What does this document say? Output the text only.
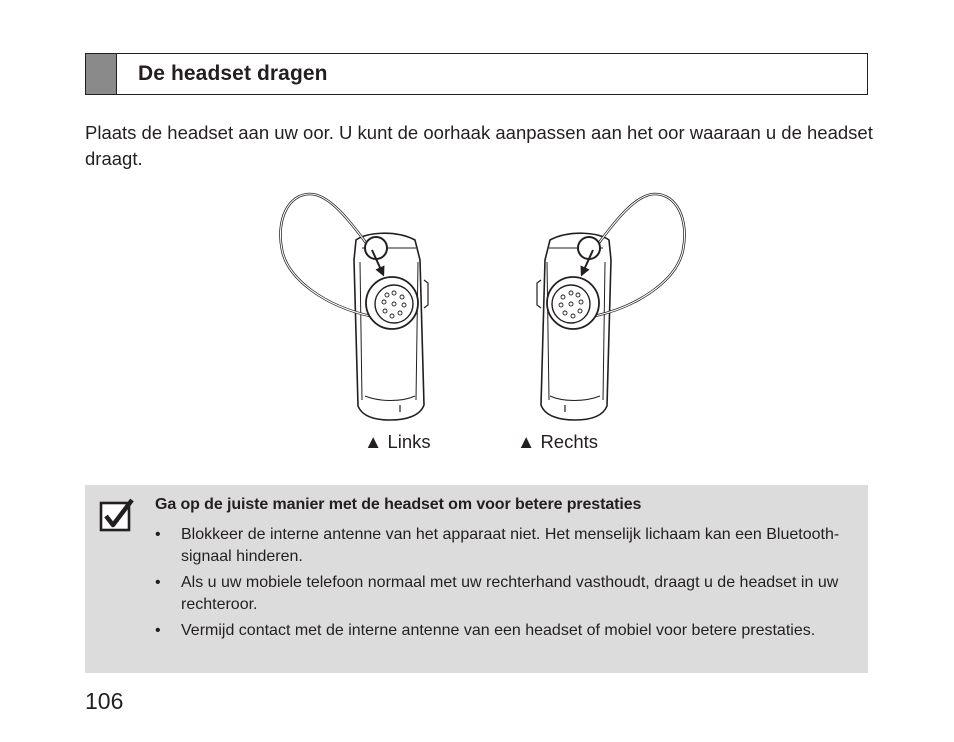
De headset dragen

Plaats de headset aan uw oor. U kunt de oorhaak aanpassen aan het oor waaraan u de headset draagt.

▲ Links	▲ Rechts

Ga op de juiste manier met de headset om voor betere prestaties

• Blokkeer de interne antenne van het apparaat niet. Het menselijk lichaam kan een Bluetooth-signaal hinderen.
• Als u uw mobiele telefoon normaal met uw rechterhand vasthoudt, draagt u de headset in uw rechteroor.
• Vermijd contact met de interne antenne van een headset of mobiel voor betere prestaties.
106
